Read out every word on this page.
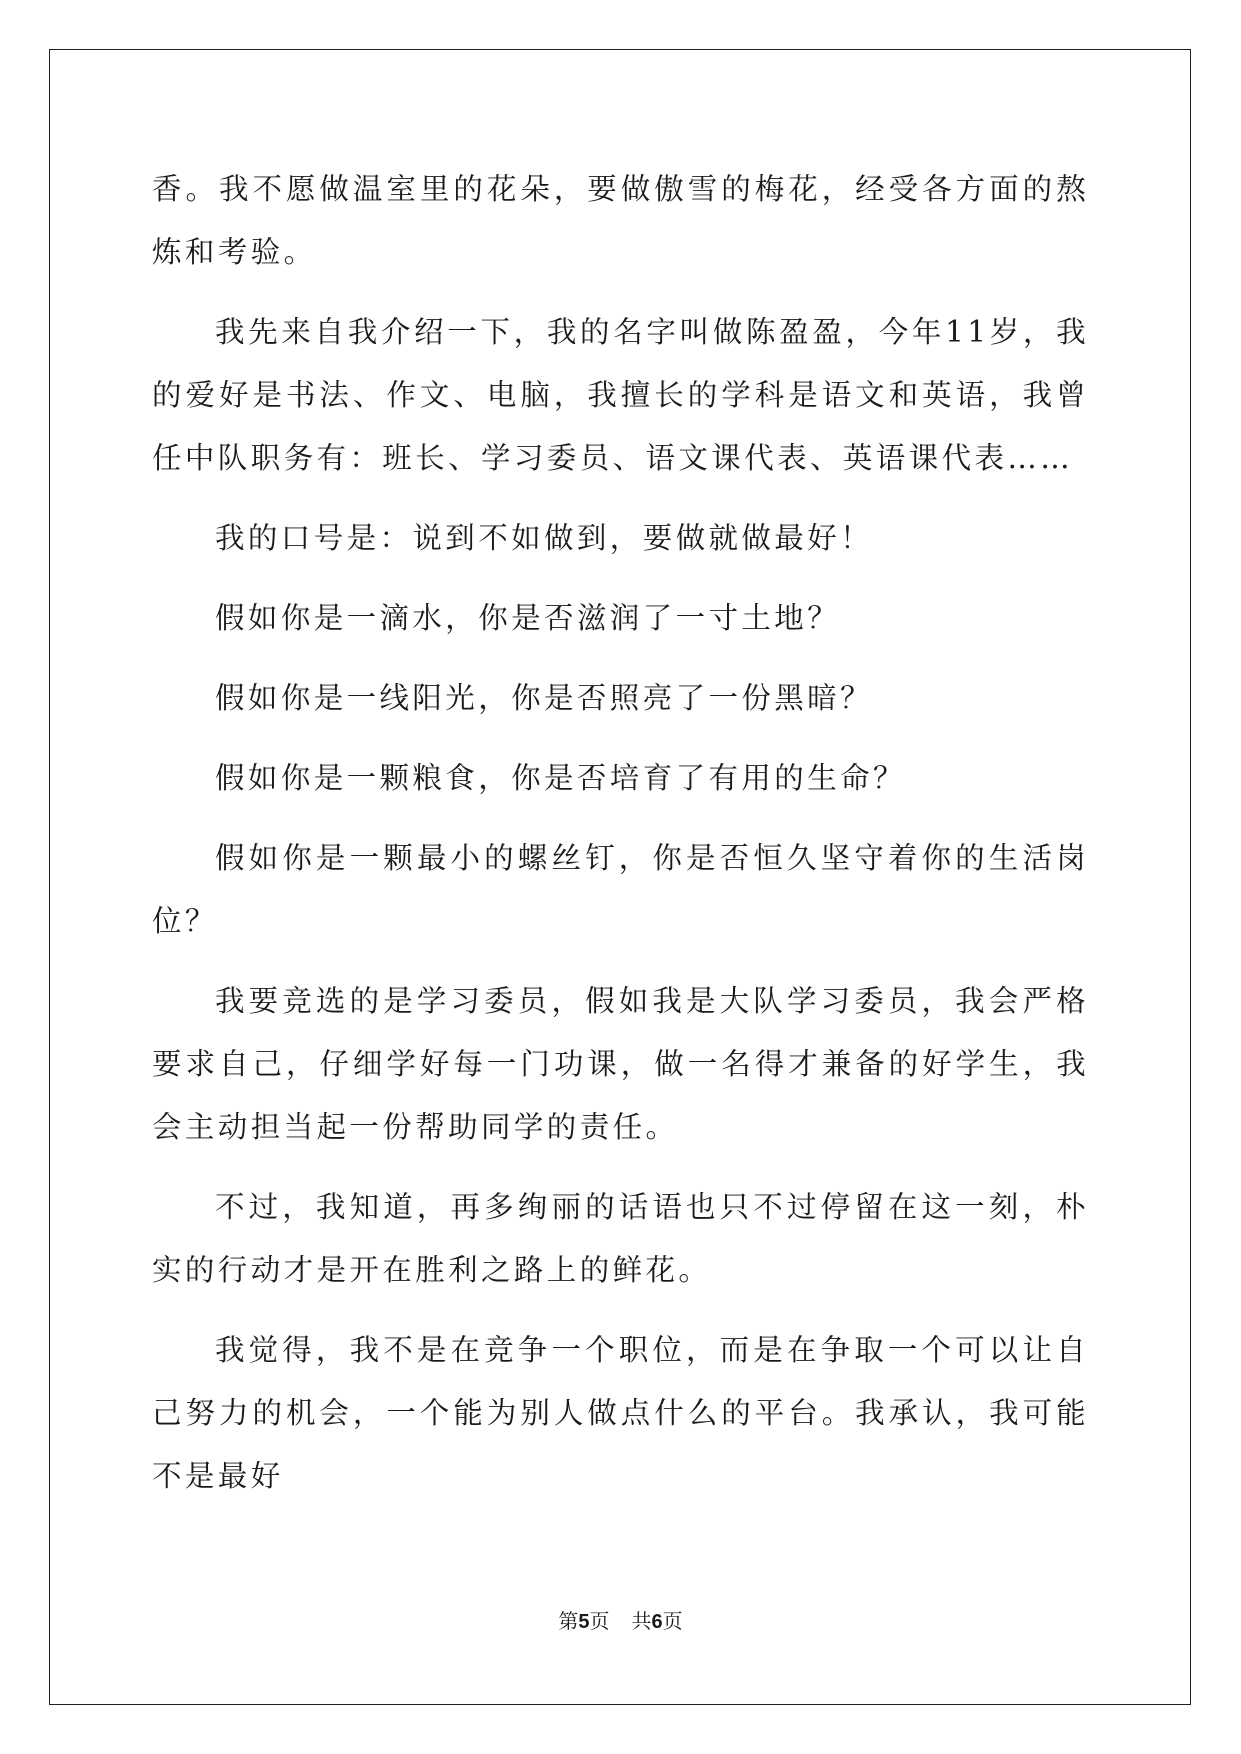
香。我不愿做温室里的花朵，要做傲雪的梅花，经受各方面的熬炼和考验。

我先来自我介绍一下，我的名字叫做陈盈盈，今年11岁，我的爱好是书法、作文、电脑，我擅长的学科是语文和英语，我曾任中队职务有：班长、学习委员、语文课代表、英语课代表……

我的口号是：说到不如做到，要做就做最好！

假如你是一滴水，你是否滋润了一寸土地？

假如你是一线阳光，你是否照亮了一份黑暗？

假如你是一颗粮食，你是否培育了有用的生命？

假如你是一颗最小的螺丝钉，你是否恒久坚守着你的生活岗位？

我要竞选的是学习委员，假如我是大队学习委员，我会严格要求自己，仔细学好每一门功课，做一名得才兼备的好学生，我会主动担当起一份帮助同学的责任。

不过，我知道，再多绚丽的话语也只不过停留在这一刻，朴实的行动才是开在胜利之路上的鲜花。

我觉得，我不是在竞争一个职位，而是在争取一个可以让自己努力的机会，一个能为别人做点什么的平台。我承认，我可能不是最好

第5页 共6页
